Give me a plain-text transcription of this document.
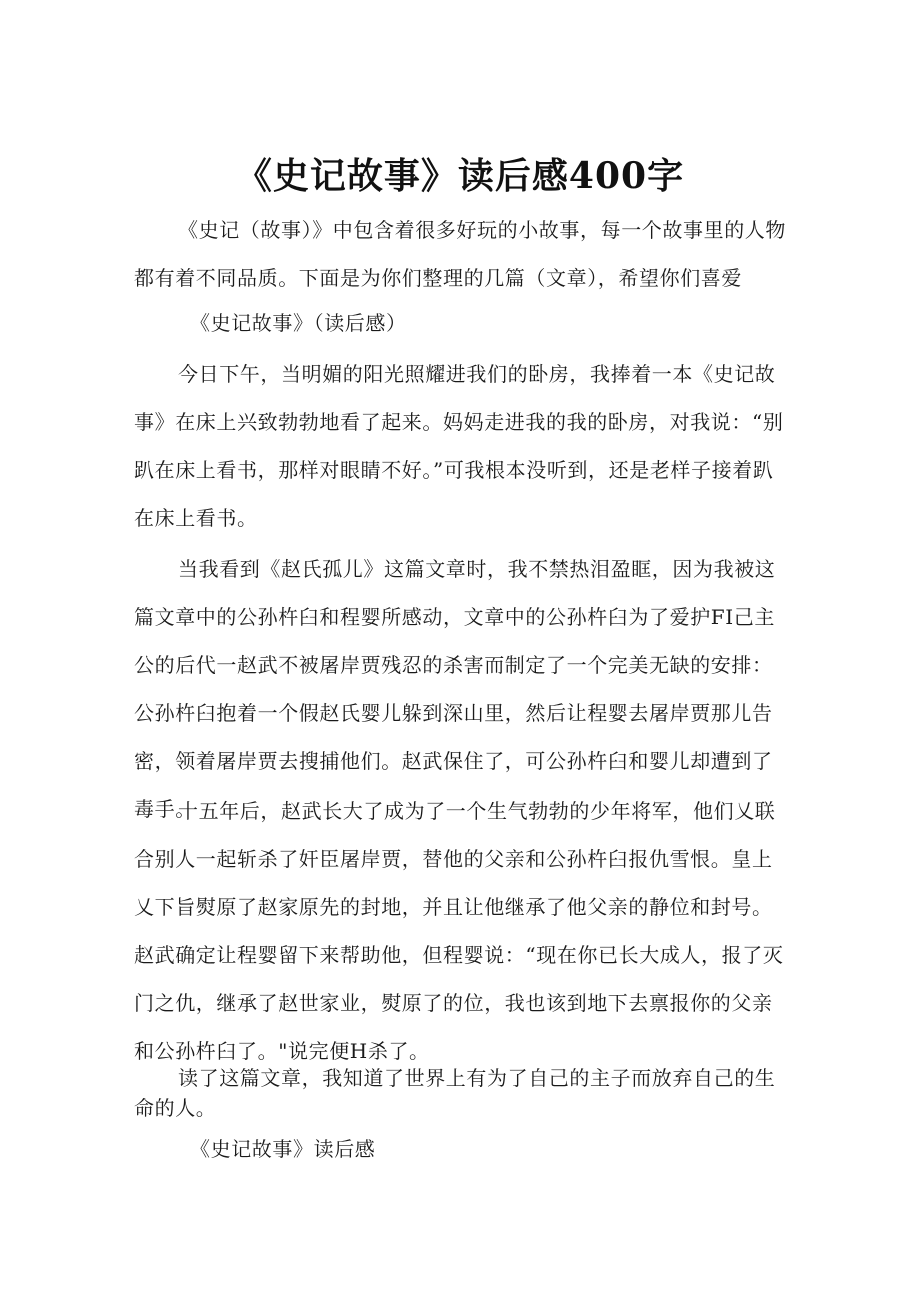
《史记故事》读后感400字

《史记（故事）》中包含着很多好玩的小故事，每一个故事里的人物都有着不同品质。下面是为你们整理的几篇（文章），希望你们喜爱

《史记故事》（读后感）

今日下午，当明媚的阳光照耀进我们的卧房，我捧着一本《史记故事》在床上兴致勃勃地看了起来。妈妈走进我的我的卧房，对我说：“别趴在床上看书，那样对眼睛不好。”可我根本没听到，还是老样子接着趴在床上看书。

当我看到《赵氏孤儿》这篇文章时，我不禁热泪盈眶，因为我被这篇文章中的公孙杵臼和程婴所感动，文章中的公孙杵臼为了爱护FI己主公的后代一赵武不被屠岸贾残忍的杀害而制定了一个完美无缺的安排：公孙杵臼抱着一个假赵氏婴儿躲到深山里，然后让程婴去屠岸贾那儿告密，领着屠岸贾去搜捕他们。赵武保住了，可公孙杵臼和婴儿却遭到了毒手。

十五年后，赵武长大了成为了一个生气勃勃的少年将军，他们乂联合别人一起斩杀了奸臣屠岸贾，替他的父亲和公孙杵臼报仇雪恨。皇上乂下旨熨原了赵家原先的封地，并且让他继承了他父亲的静位和封号。赵武确定让程婴留下来帮助他，但程婴说：“现在你已长大成人，报了灭门之仇，继承了赵世家业，熨原了的位，我也该到地下去禀报你的父亲和公孙杵臼了。"说完便H杀了。

读了这篇文章，我知道了世界上有为了自己的主子而放弃自己的生命的人。

《史记故事》读后感
